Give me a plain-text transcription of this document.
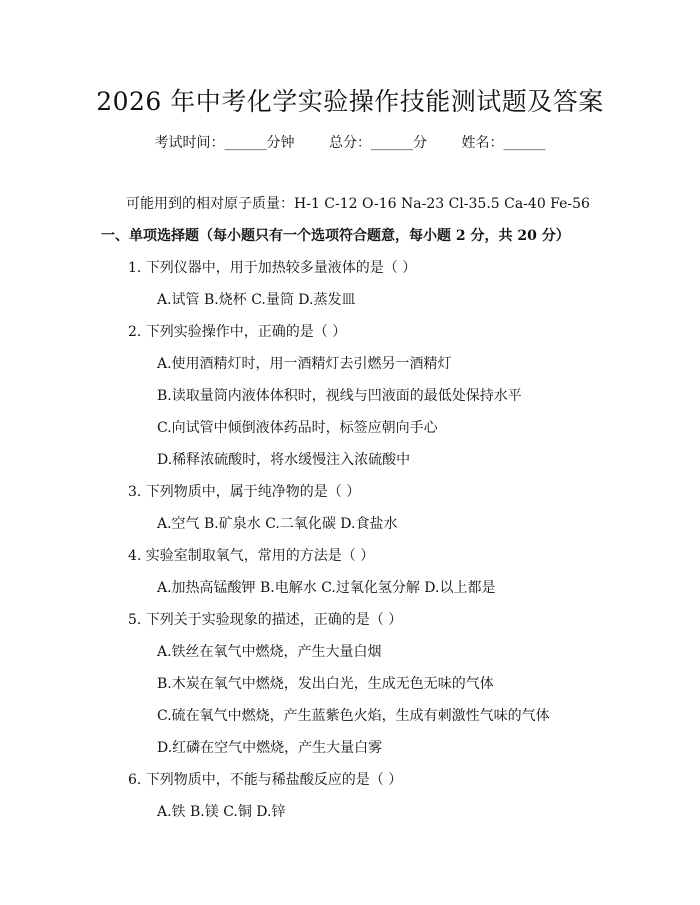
2026 年中考化学实验操作技能测试题及答案
考试时间：______分钟 总分：______分 姓名：______
可能用到的相对原子质量：H-1 C-12 O-16 Na-23 Cl-35.5 Ca-40 Fe-56
一、单项选择题（每小题只有一个选项符合题意，每小题 2 分，共 20 分）
1. 下列仪器中，用于加热较多量液体的是（ ）
A.试管 B.烧杯 C.量筒 D.蒸发皿
2. 下列实验操作中，正确的是（ ）
A.使用酒精灯时，用一酒精灯去引燃另一酒精灯
B.读取量筒内液体体积时，视线与凹液面的最低处保持水平
C.向试管中倾倒液体药品时，标签应朝向手心
D.稀释浓硫酸时，将水缓慢注入浓硫酸中
3. 下列物质中，属于纯净物的是（ ）
A.空气 B.矿泉水 C.二氧化碳 D.食盐水
4. 实验室制取氧气，常用的方法是（ ）
A.加热高锰酸钾 B.电解水 C.过氧化氢分解 D.以上都是
5. 下列关于实验现象的描述，正确的是（ ）
A.铁丝在氧气中燃烧，产生大量白烟
B.木炭在氧气中燃烧，发出白光，生成无色无味的气体
C.硫在氧气中燃烧，产生蓝紫色火焰，生成有刺激性气味的气体
D.红磷在空气中燃烧，产生大量白雾
6. 下列物质中，不能与稀盐酸反应的是（ ）
A.铁 B.镁 C.铜 D.锌
